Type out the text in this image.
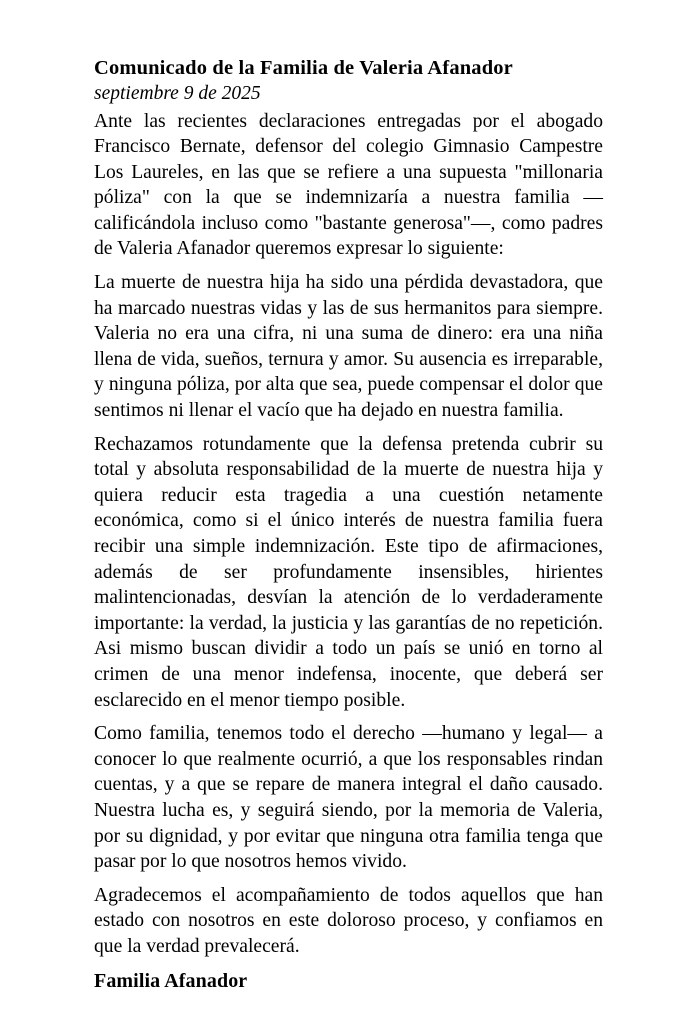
Comunicado de la Familia de Valeria Afanador
septiembre 9 de 2025

Ante las recientes declaraciones entregadas por el abogado Francisco Bernate, defensor del colegio Gimnasio Campestre Los Laureles, en las que se refiere a una supuesta "millonaria póliza" con la que se indemnizaría a nuestra familia —calificándola incluso como "bastante generosa"—, como padres de Valeria Afanador queremos expresar lo siguiente:

La muerte de nuestra hija ha sido una pérdida devastadora, que ha marcado nuestras vidas y las de sus hermanitos para siempre. Valeria no era una cifra, ni una suma de dinero: era una niña llena de vida, sueños, ternura y amor. Su ausencia es irreparable, y ninguna póliza, por alta que sea, puede compensar el dolor que sentimos ni llenar el vacío que ha dejado en nuestra familia.

Rechazamos rotundamente que la defensa pretenda cubrir su total y absoluta responsabilidad de la muerte de nuestra hija y quiera reducir esta tragedia a una cuestión netamente económica, como si el único interés de nuestra familia fuera recibir una simple indemnización. Este tipo de afirmaciones, además de ser profundamente insensibles, hirientes malintencionadas, desvían la atención de lo verdaderamente importante: la verdad, la justicia y las garantías de no repetición. Asi mismo buscan dividir a todo un país se unió en torno al crimen de una menor indefensa, inocente, que deberá ser esclarecido en el menor tiempo posible.

Como familia, tenemos todo el derecho —humano y legal— a conocer lo que realmente ocurrió, a que los responsables rindan cuentas, y a que se repare de manera integral el daño causado. Nuestra lucha es, y seguirá siendo, por la memoria de Valeria, por su dignidad, y por evitar que ninguna otra familia tenga que pasar por lo que nosotros hemos vivido.

Agradecemos el acompañamiento de todos aquellos que han estado con nosotros en este doloroso proceso, y confiamos en que la verdad prevalecerá.

Familia Afanador
